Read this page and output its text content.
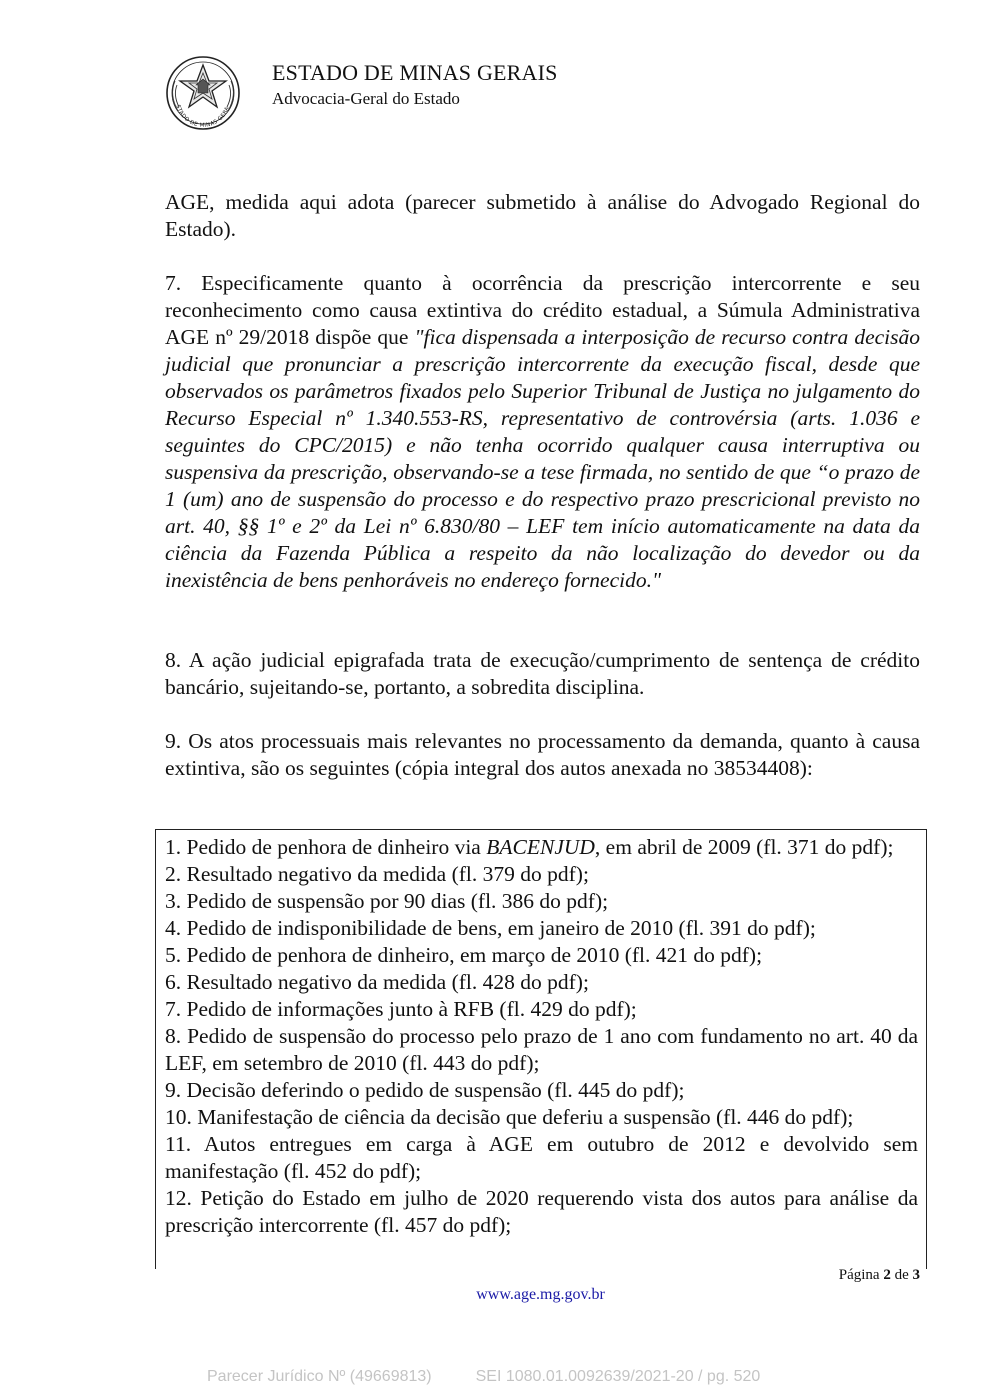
STADO DE MINAS GERA
ESTADO DE MINAS GERAIS
Advocacia-Geral do Estado

AGE, medida aqui adota (parecer submetido à análise do Advogado Regional do Estado).

7. Especificamente quanto à ocorrência da prescrição intercorrente e seu reconhecimento como causa extintiva do crédito estadual, a Súmula Administrativa AGE nº 29/2018 dispõe que "fica dispensada a interposição de recurso contra decisão judicial que pronunciar a prescrição intercorrente da execução fiscal, desde que observados os parâmetros fixados pelo Superior Tribunal de Justiça no julgamento do Recurso Especial nº 1.340.553-RS, representativo de controvérsia (arts. 1.036 e seguintes do CPC/2015) e não tenha ocorrido qualquer causa interruptiva ou suspensiva da prescrição, observando-se a tese firmada, no sentido de que “o prazo de 1 (um) ano de suspensão do processo e do respectivo prazo prescricional previsto no art. 40, §§ 1º e 2º da Lei nº 6.830/80 – LEF tem início automaticamente na data da ciência da Fazenda Pública a respeito da não localização do devedor ou da inexistência de bens penhoráveis no endereço fornecido."

8. A ação judicial epigrafada trata de execução/cumprimento de sentença de crédito bancário, sujeitando-se, portanto, a sobredita disciplina.

9. Os atos processuais mais relevantes no processamento da demanda, quanto à causa extintiva, são os seguintes (cópia integral dos autos anexada no 38534408):

1. Pedido de penhora de dinheiro via BACENJUD, em abril de 2009 (fl. 371 do pdf);
2. Resultado negativo da medida (fl. 379 do pdf);
3. Pedido de suspensão por 90 dias (fl. 386 do pdf);
4. Pedido de indisponibilidade de bens, em janeiro de 2010 (fl. 391 do pdf);
5. Pedido de penhora de dinheiro, em março de 2010 (fl. 421 do pdf);
6. Resultado negativo da medida (fl. 428 do pdf);
7. Pedido de informações junto à RFB (fl. 429 do pdf);
8. Pedido de suspensão do processo pelo prazo de 1 ano com fundamento no art. 40 da LEF, em setembro de 2010 (fl. 443 do pdf);
9. Decisão deferindo o pedido de suspensão (fl. 445 do pdf);
10. Manifestação de ciência da decisão que deferiu a suspensão (fl. 446 do pdf);
11. Autos entregues em carga à AGE em outubro de 2012 e devolvido sem manifestação (fl. 452 do pdf);
12. Petição do Estado em julho de 2020 requerendo vista dos autos para análise da prescrição intercorrente (fl. 457 do pdf);
Página 2 de 3
www.age.mg.gov.br
Parecer Jurídico Nº (49669813)	SEI 1080.01.0092639/2021-20 / pg. 520
